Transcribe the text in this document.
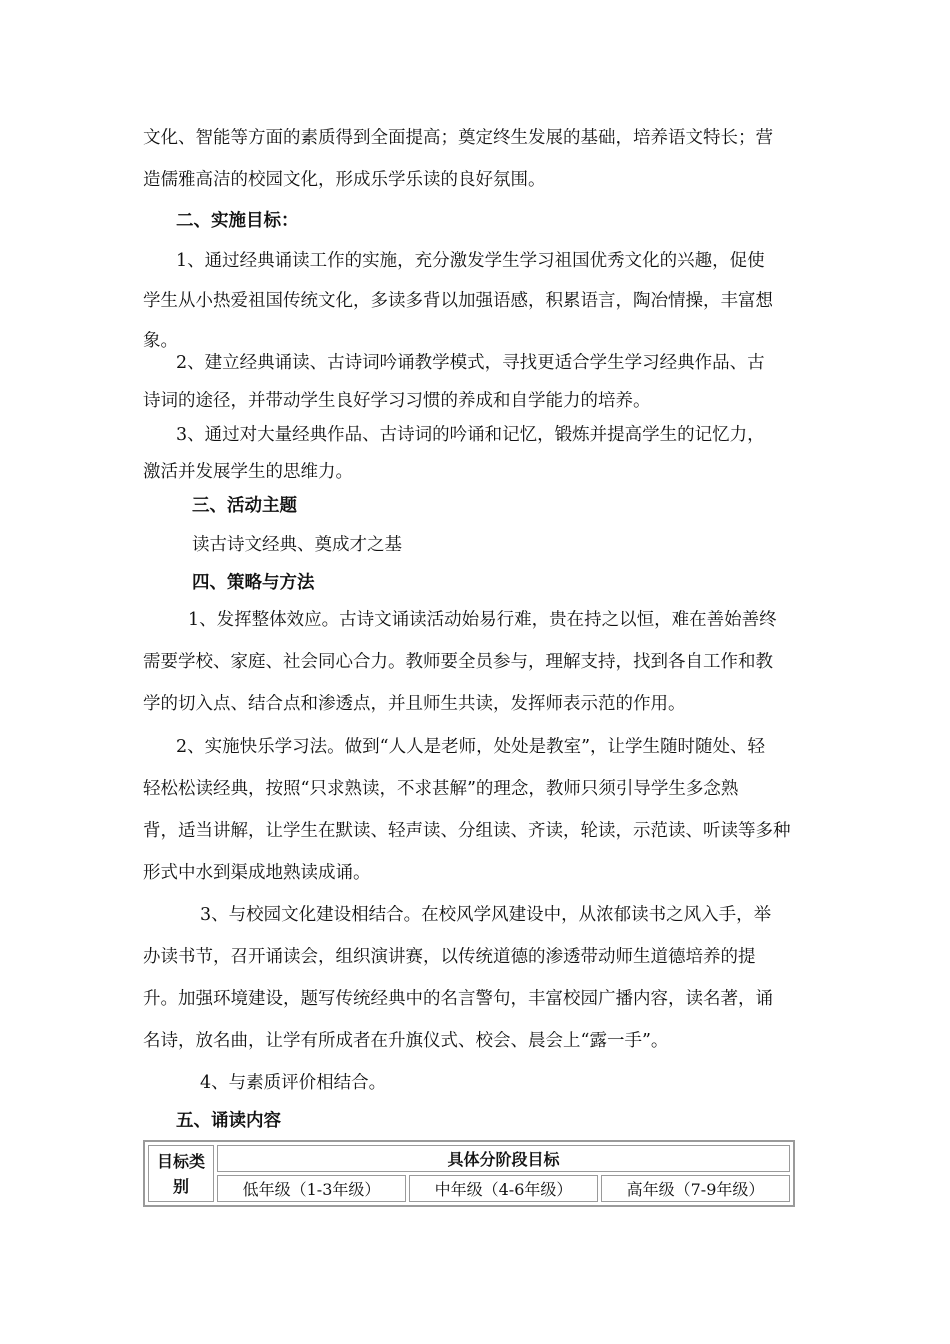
文化、智能等方面的素质得到全面提高；奠定终生发展的基础，培养语文特长；营
造儒雅高洁的校园文化，形成乐学乐读的良好氛围。
二、实施目标：
1、通过经典诵读工作的实施，充分激发学生学习祖国优秀文化的兴趣，促使
学生从小热爱祖国传统文化，多读多背以加强语感，积累语言，陶冶情操，丰富想
象。
2、建立经典诵读、古诗词吟诵教学模式，寻找更适合学生学习经典作品、古
诗词的途径，并带动学生良好学习习惯的养成和自学能力的培养。
3、通过对大量经典作品、古诗词的吟诵和记忆，锻炼并提高学生的记忆力，
激活并发展学生的思维力。
三、活动主题
读古诗文经典、奠成才之基
四、策略与方法
1、发挥整体效应。古诗文诵读活动始易行难，贵在持之以恒，难在善始善终
需要学校、家庭、社会同心合力。教师要全员参与，理解支持，找到各自工作和教
学的切入点、结合点和渗透点，并且师生共读，发挥师表示范的作用。
2、实施快乐学习法。做到“人人是老师，处处是教室”，让学生随时随处、轻
轻松松读经典，按照“只求熟读，不求甚解”的理念，教师只须引导学生多念熟
背，适当讲解，让学生在默读、轻声读、分组读、齐读，轮读，示范读、听读等多种
形式中水到渠成地熟读成诵。
3、与校园文化建设相结合。在校风学风建设中，从浓郁读书之风入手，举
办读书节，召开诵读会，组织演讲赛，以传统道德的渗透带动师生道德培养的提
升。加强环境建设，题写传统经典中的名言警句，丰富校园广播内容，读名著，诵
名诗，放名曲，让学有所成者在升旗仪式、校会、晨会上“露一手”。
4、与素质评价相结合。
五、诵读内容
目标类
别	具体分阶段目标		
	低年级（1-3年级）	中年级（4-6年级）	高年级（7-9年级）
